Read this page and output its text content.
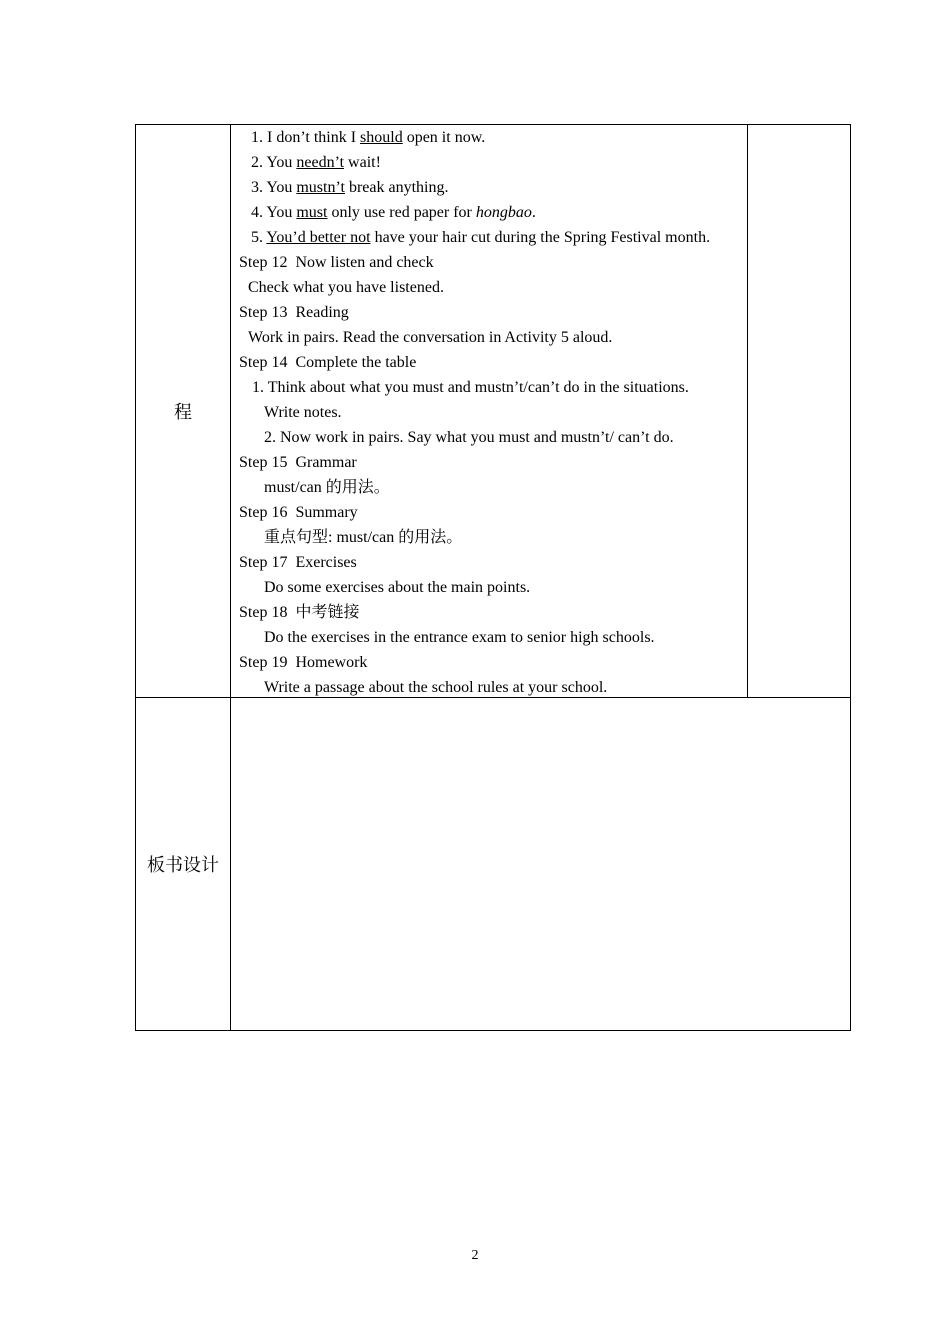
程
1. I don’t think I should open it now.
2. You needn’t wait!
3. You mustn’t break anything.
4. You must only use red paper for hongbao.
5. You’d better not have your hair cut during the Spring Festival month.
Step 12  Now listen and check
Check what you have listened.
Step 13  Reading
Work in pairs. Read the conversation in Activity 5 aloud.
Step 14  Complete the table
1. Think about what you must and mustn’t/can’t do in the situations.
Write notes.
2. Now work in pairs. Say what you must and mustn’t/ can’t do.
Step 15  Grammar
must/can 的用法。
Step 16  Summary
重点句型: must/can 的用法。
Step 17  Exercises
Do some exercises about the main points.
Step 18  中考链接
Do the exercises in the entrance exam to senior high schools.
Step 19  Homework
Write a passage about the school rules at your school.
板书设计
2
